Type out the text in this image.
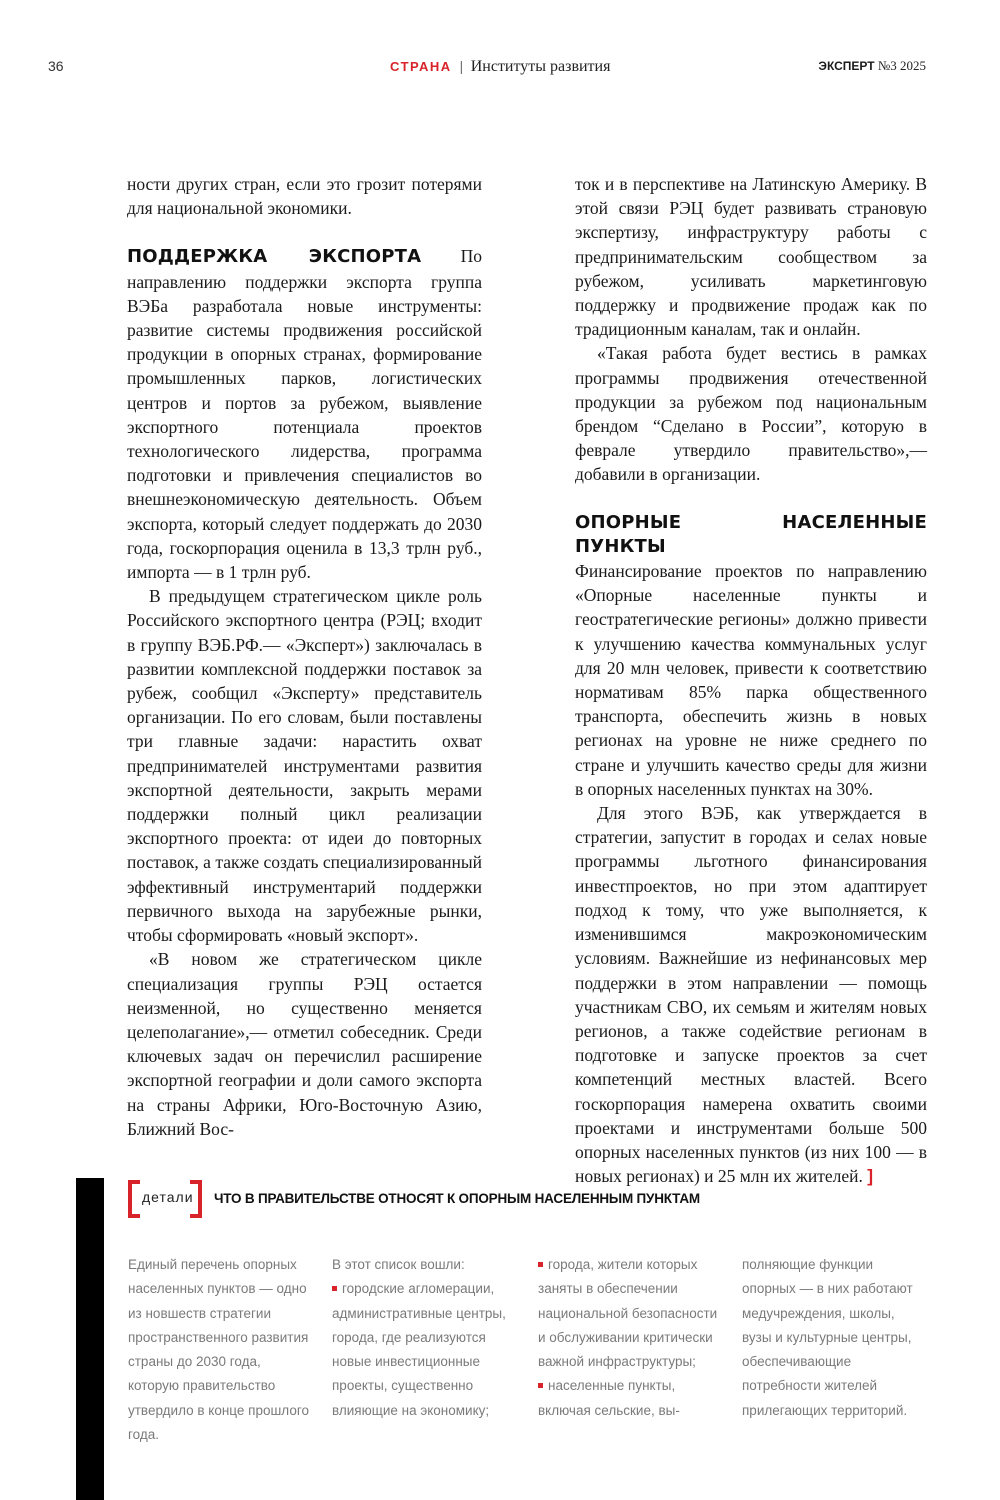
36	СТРАНА | Институты развития	ЭКСПЕРТ №3 2025

ности других стран, если это грозит потерями для национальной экономики.

ПОДДЕРЖКА ЭКСПОРТА По направлению поддержки экспорта группа ВЭБа разработала новые инструменты: развитие системы продвижения российской продукции в опорных странах, формирование промышленных парков, логистических центров и портов за рубежом, выявление экспортного потенциала проектов технологического лидерства, программа подготовки и привлечения специалистов во внешнеэкономическую деятельность. Объем экспорта, который следует поддержать до 2030 года, госкорпорация оценила в 13,3 трлн руб., импорта — в 1 трлн руб.

В предыдущем стратегическом цикле роль Российского экспортного центра (РЭЦ; входит в группу ВЭБ.РФ.— «Эксперт») заключалась в развитии комплексной поддержки поставок за рубеж, сообщил «Эксперту» представитель организации. По его словам, были поставлены три главные задачи: нарастить охват предпринимателей инструментами развития экспортной деятельности, закрыть мерами поддержки полный цикл реализации экспортного проекта: от идеи до повторных поставок, а также создать специализированный эффективный инструментарий поддержки первичного выхода на зарубежные рынки, чтобы сформировать «новый экспорт».

«В новом же стратегическом цикле специализация группы РЭЦ остается неизменной, но существенно меняется целеполагание»,— отметил собеседник. Среди ключевых задач он перечислил расширение экспортной географии и доли самого экспорта на страны Африки, Юго-Восточную Азию, Ближний Вос-

ток и в перспективе на Латинскую Америку. В этой связи РЭЦ будет развивать страновую экспертизу, инфраструктуру работы с предпринимательским сообществом за рубежом, усиливать маркетинговую поддержку и продвижение продаж как по традиционным каналам, так и онлайн.

«Такая работа будет вестись в рамках программы продвижения отечественной продукции за рубежом под национальным брендом “Сделано в России”, которую в феврале утвердило правительство»,— добавили в организации.

ОПОРНЫЕ НАСЕЛЕННЫЕ ПУНКТЫ

Финансирование проектов по направлению «Опорные населенные пункты и геостратегические регионы» должно привести к улучшению качества коммунальных услуг для 20 млн человек, привести к соответствию нормативам 85% парка общественного транспорта, обеспечить жизнь в новых регионах на уровне не ниже среднего по стране и улучшить качество среды для жизни в опорных населенных пунктах на 30%.

Для этого ВЭБ, как утверждается в стратегии, запустит в городах и селах новые программы льготного финансирования инвестпроектов, но при этом адаптирует подход к тому, что уже выполняется, к изменившимся макроэкономическим условиям. Важнейшие из нефинансовых мер поддержки в этом направлении — помощь участникам СВО, их семьям и жителям новых регионов, а также содействие регионам в подготовке и запуске проектов за счет компетенций местных властей. Всего госкорпорация намерена охватить своими проектами и инструментами больше 500 опорных населенных пунктов (из них 100 — в новых регионах) и 25 млн их жителей. ]

детали ЧТО В ПРАВИТЕЛЬСТВЕ ОТНОСЯТ К ОПОРНЫМ НАСЕЛЕННЫМ ПУНКТАМ

Единый перечень опорных населенных пунктов — одно из новшеств стратегии пространственного развития страны до 2030 года, которую правительство утвердило в конце прошлого года.

В этот список вошли:

городские агломерации, административные центры, города, где реализуются новые инвестиционные проекты, существенно влияющие на экономику;

города, жители которых заняты в обеспечении национальной безопасности и обслуживании критически важной инфраструктуры;

населенные пункты, включая сельские, вы-

полняющие функции опорных — в них работают медучреждения, школы, вузы и культурные центры, обеспечивающие потребности жителей прилегающих территорий.
